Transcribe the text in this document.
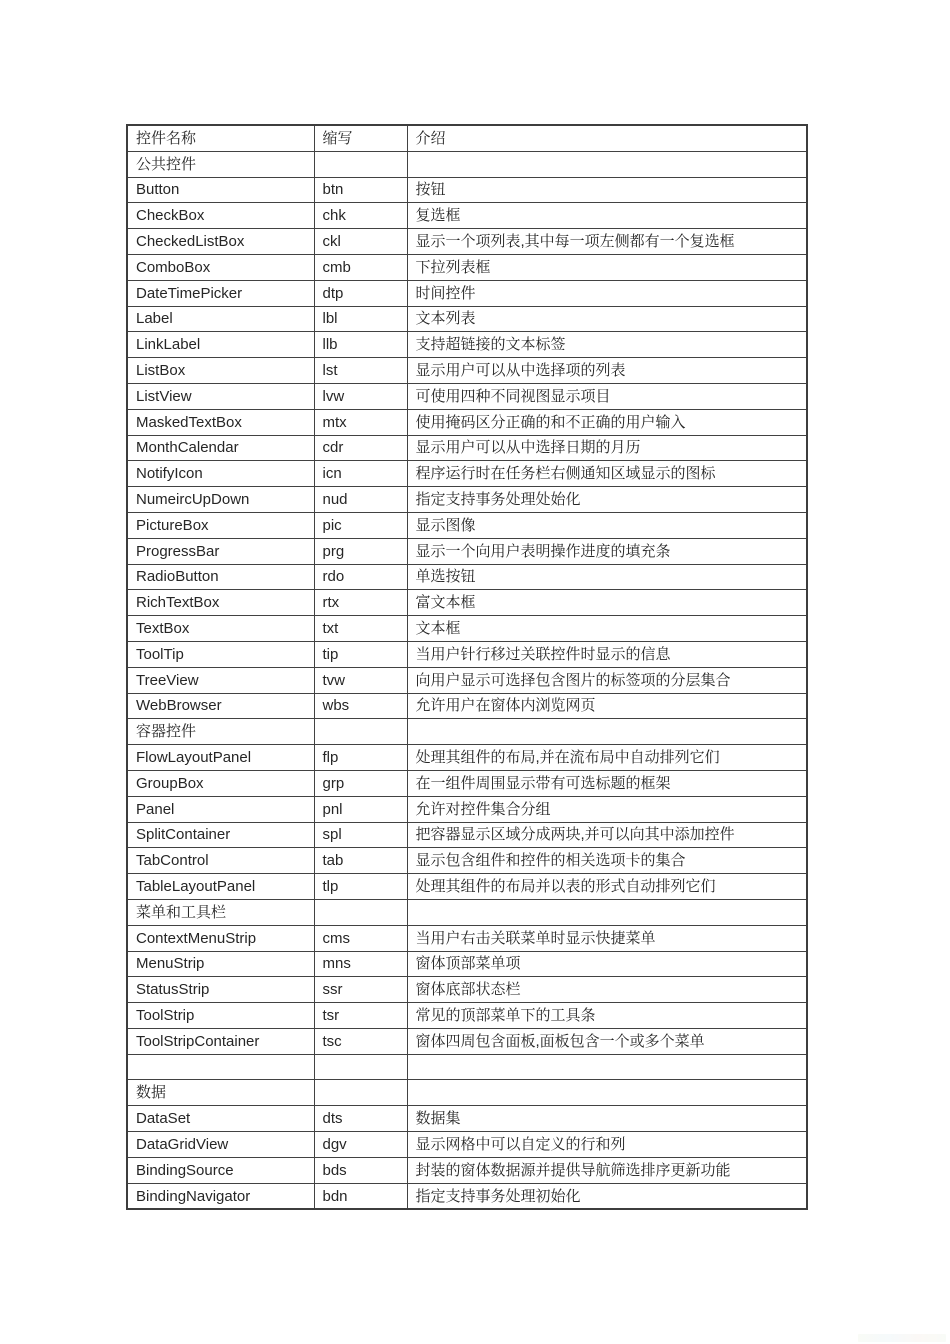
控件名称	缩写	介绍
公共控件		
Button	btn	按钮
CheckBox	chk	复选框
CheckedListBox	ckl	显示一个项列表,其中每一项左侧都有一个复选框
ComboBox	cmb	下拉列表框
DateTimePicker	dtp	时间控件
Label	lbl	文本列表
LinkLabel	llb	支持超链接的文本标签
ListBox	lst	显示用户可以从中选择项的列表
ListView	lvw	可使用四种不同视图显示项目
MaskedTextBox	mtx	使用掩码区分正确的和不正确的用户输入
MonthCalendar	cdr	显示用户可以从中选择日期的月历
NotifyIcon	icn	程序运行时在任务栏右侧通知区域显示的图标
NumeircUpDown	nud	指定支持事务处理处始化
PictureBox	pic	显示图像
ProgressBar	prg	显示一个向用户表明操作进度的填充条
RadioButton	rdo	单选按钮
RichTextBox	rtx	富文本框
TextBox	txt	文本框
ToolTip	tip	当用户针行移过关联控件时显示的信息
TreeView	tvw	向用户显示可选择包含图片的标签项的分层集合
WebBrowser	wbs	允许用户在窗体内浏览网页
容器控件		
FlowLayoutPanel	flp	处理其组件的布局,并在流布局中自动排列它们
GroupBox	grp	在一组件周围显示带有可选标题的框架
Panel	pnl	允许对控件集合分组
SplitContainer	spl	把容器显示区域分成两块,并可以向其中添加控件
TabControl	tab	显示包含组件和控件的相关选项卡的集合
TableLayoutPanel	tlp	处理其组件的布局并以表的形式自动排列它们
菜单和工具栏		
ContextMenuStrip	cms	当用户右击关联菜单时显示快捷菜单
MenuStrip	mns	窗体顶部菜单项
StatusStrip	ssr	窗体底部状态栏
ToolStrip	tsr	常见的顶部菜单下的工具条
ToolStripContainer	tsc	窗体四周包含面板,面板包含一个或多个菜单

数据		
DataSet	dts	数据集
DataGridView	dgv	显示网格中可以自定义的行和列
BindingSource	bds	封装的窗体数据源并提供导航筛选排序更新功能
BindingNavigator	bdn	指定支持事务处理初始化
